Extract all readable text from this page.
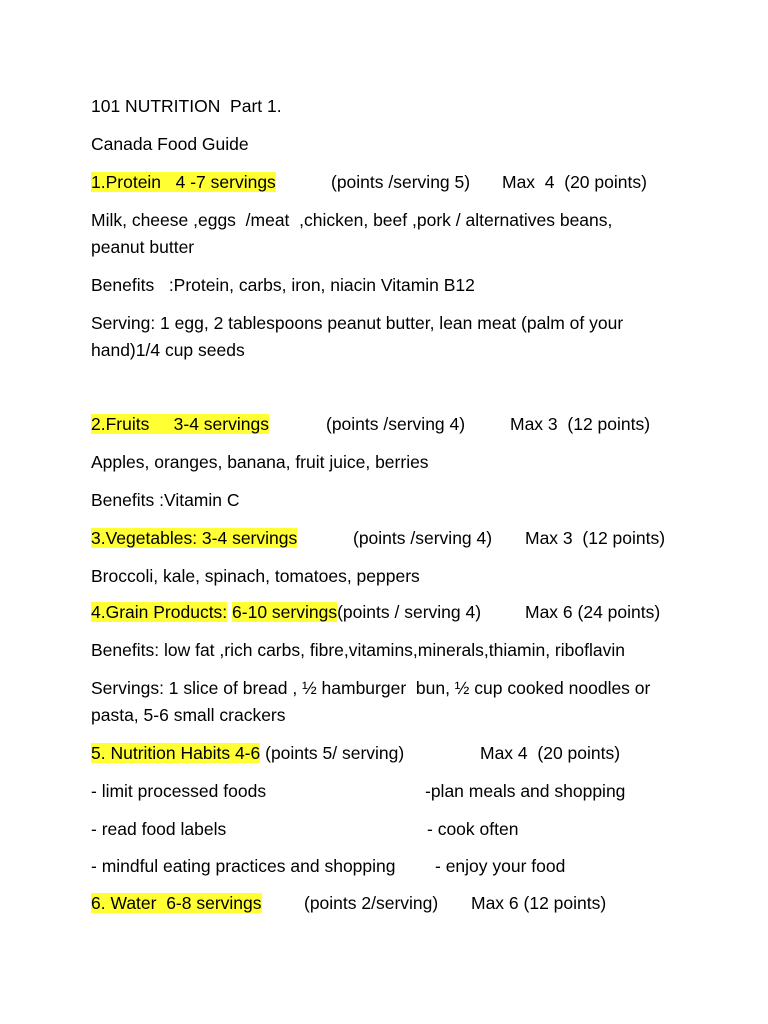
101 NUTRITION  Part 1.
Canada Food Guide
1.Protein   4 -7 servings	(points /serving 5) Max  4  (20 points)
Milk, cheese ,eggs  /meat  ,chicken, beef ,pork / alternatives beans,
peanut butter
Benefits   :Protein, carbs, iron, niacin Vitamin B12
Serving: 1 egg, 2 tablespoons peanut butter, lean meat (palm of your
hand)1/4 cup seeds
2.Fruits     3-4 servings	(points /serving 4)	Max 3  (12 points)
Apples, oranges, banana, fruit juice, berries
Benefits :Vitamin C
3.Vegetables: 3-4 servings	(points /serving 4) Max 3  (12 points)
Broccoli, kale, spinach, tomatoes, peppers
4.Grain Products: 6-10 servings(points / serving 4)	Max 6 (24 points)
Benefits: low fat ,rich carbs, fibre,vitamins,minerals,thiamin, riboflavin
Servings: 1 slice of bread , ½ hamburger  bun, ½ cup cooked noodles or
pasta, 5-6 small crackers
5. Nutrition Habits 4-6 (points 5/ serving)	Max 4  (20 points)
- limit processed foods	-plan meals and shopping
- read food labels	- cook often
- mindful eating practices and shopping - enjoy your food
6. Water  6-8 servings (points 2/serving) Max 6 (12 points)
